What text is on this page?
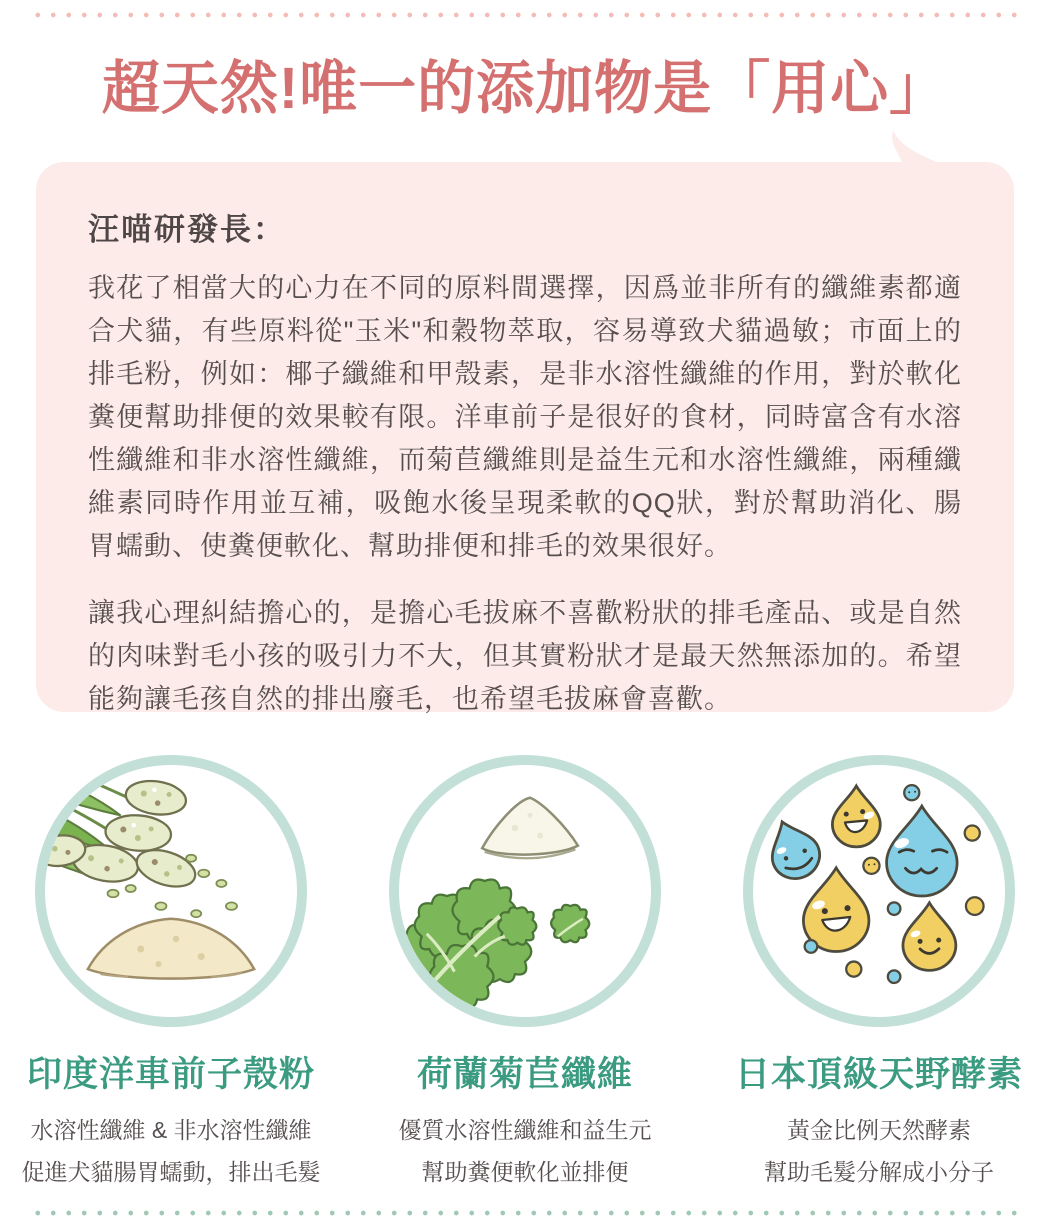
超天然!唯一的添加物是「用心」
汪喵研發長：

我花了相當大的心力在不同的原料間選擇，因爲並非所有的纖維素都適合犬貓，有些原料從"玉米"和穀物萃取，容易導致犬貓過敏；市面上的排毛粉，例如：椰子纖維和甲殼素，是非水溶性纖維的作用，對於軟化糞便幫助排便的效果較有限。洋車前子是很好的食材，同時富含有水溶性纖維和非水溶性纖維，而菊苣纖維則是益生元和水溶性纖維，兩種纖維素同時作用並互補，吸飽水後呈現柔軟的QQ狀，對於幫助消化、腸胃蠕動、使糞便軟化、幫助排便和排毛的效果很好。

讓我心理糾結擔心的，是擔心毛拔麻不喜歡粉狀的排毛產品、或是自然的肉味對毛小孩的吸引力不大，但其實粉狀才是最天然無添加的。希望能夠讓毛孩自然的排出廢毛，也希望毛拔麻會喜歡。

印度洋車前子殼粉
水溶性纖維 & 非水溶性纖維
促進犬貓腸胃蠕動，排出毛髮
荷蘭菊苣纖維
優質水溶性纖維和益生元
幫助糞便軟化並排便
日本頂級天野酵素
黃金比例天然酵素
幫助毛髮分解成小分子
